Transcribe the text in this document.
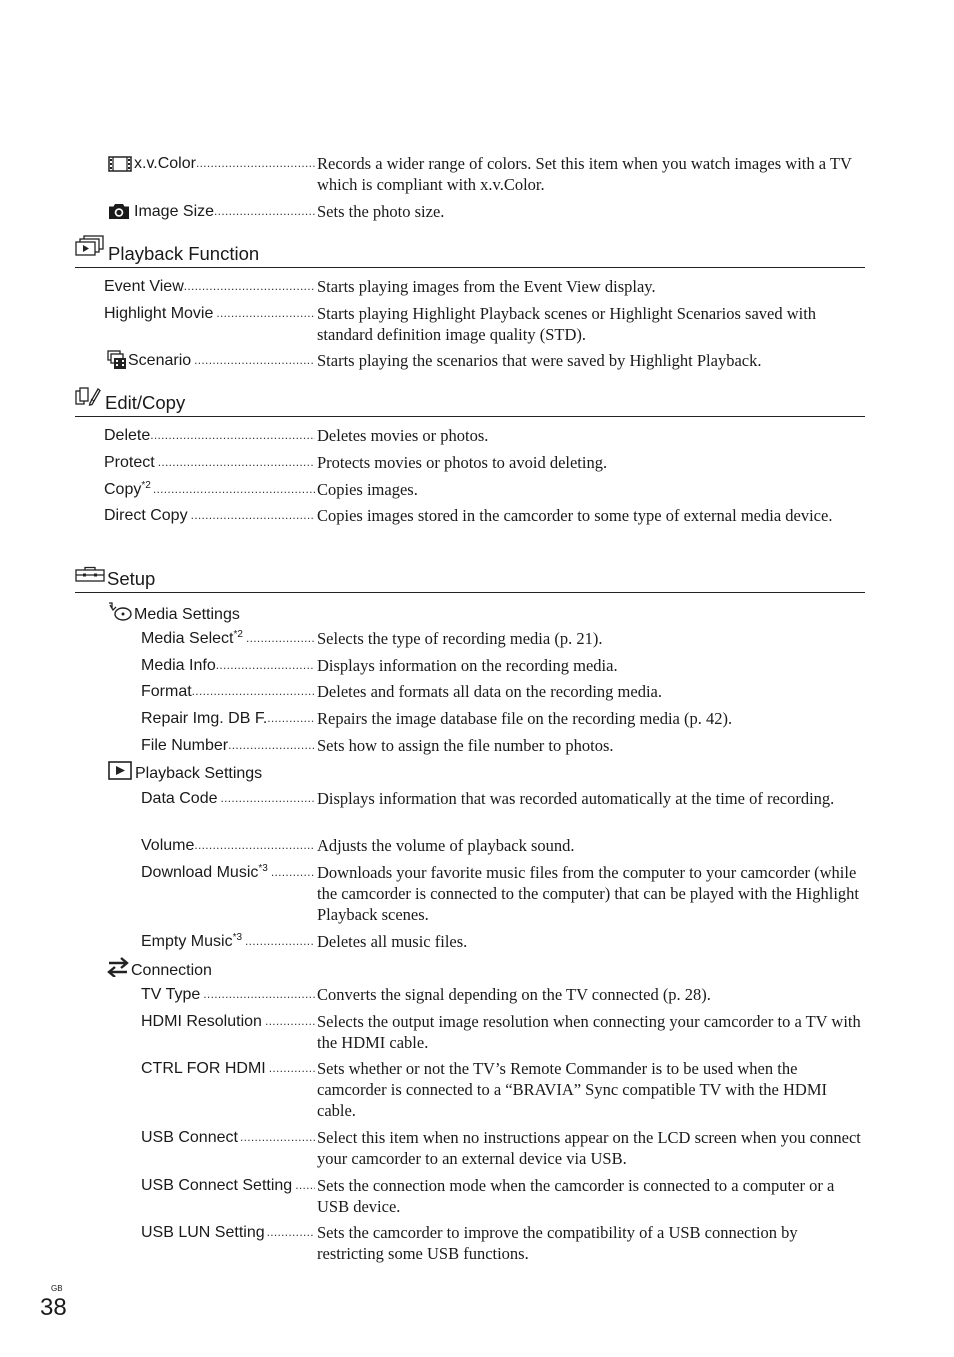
x.v.Color .....	Records a wider range of colors. Set this item when you watch images with a TV which is compliant with x.v.Color.
Image Size .....	Sets the photo size.
Playback Function
Event View .....	Starts playing images from the Event View display.
Highlight Movie .....	Starts playing Highlight Playback scenes or Highlight Scenarios saved with standard definition image quality (STD).
Scenario .....	Starts playing the scenarios that were saved by Highlight Playback.
Edit/Copy
Delete .....	Deletes movies or photos.
Protect .....	Protects movies or photos to avoid deleting.
Copy$^{*2}$ .....	Copies images.
Direct Copy .....	Copies images stored in the camcorder to some type of external media device.
Setup
Media Settings
Media Select$^{*2}$ .....	Selects the type of recording media (p. 21).
Media Info .....	Displays information on the recording media.
Format .....	Deletes and formats all data on the recording media.
Repair Img. DB F. .....	Repairs the image database file on the recording media (p. 42).
File Number .....	Sets how to assign the file number to photos.
Playback Settings
Data Code .....	Displays information that was recorded automatically at the time of recording.
Volume .....	Adjusts the volume of playback sound.
Download Music$^{*3}$ .....	Downloads your favorite music files from the computer to your camcorder (while the camcorder is connected to the computer) that can be played with the Highlight Playback scenes.
Empty Music$^{*3}$ .....	Deletes all music files.
Connection
TV Type .....	Converts the signal depending on the TV connected (p. 28).
HDMI Resolution .....	Selects the output image resolution when connecting your camcorder to a TV with the HDMI cable.
CTRL FOR HDMI .....	Sets whether or not the TV’s Remote Commander is to be used when the camcorder is connected to a “BRAVIA” Sync compatible TV with the HDMI cable.
USB Connect .....	Select this item when no instructions appear on the LCD screen when you connect your camcorder to an external device via USB.
USB Connect Setting ..... Sets the connection mode when the camcorder is connected to a computer or a USB device.
USB LUN Setting .....	Sets the camcorder to improve the compatibility of a USB connection by restricting some USB functions.
GB
38
